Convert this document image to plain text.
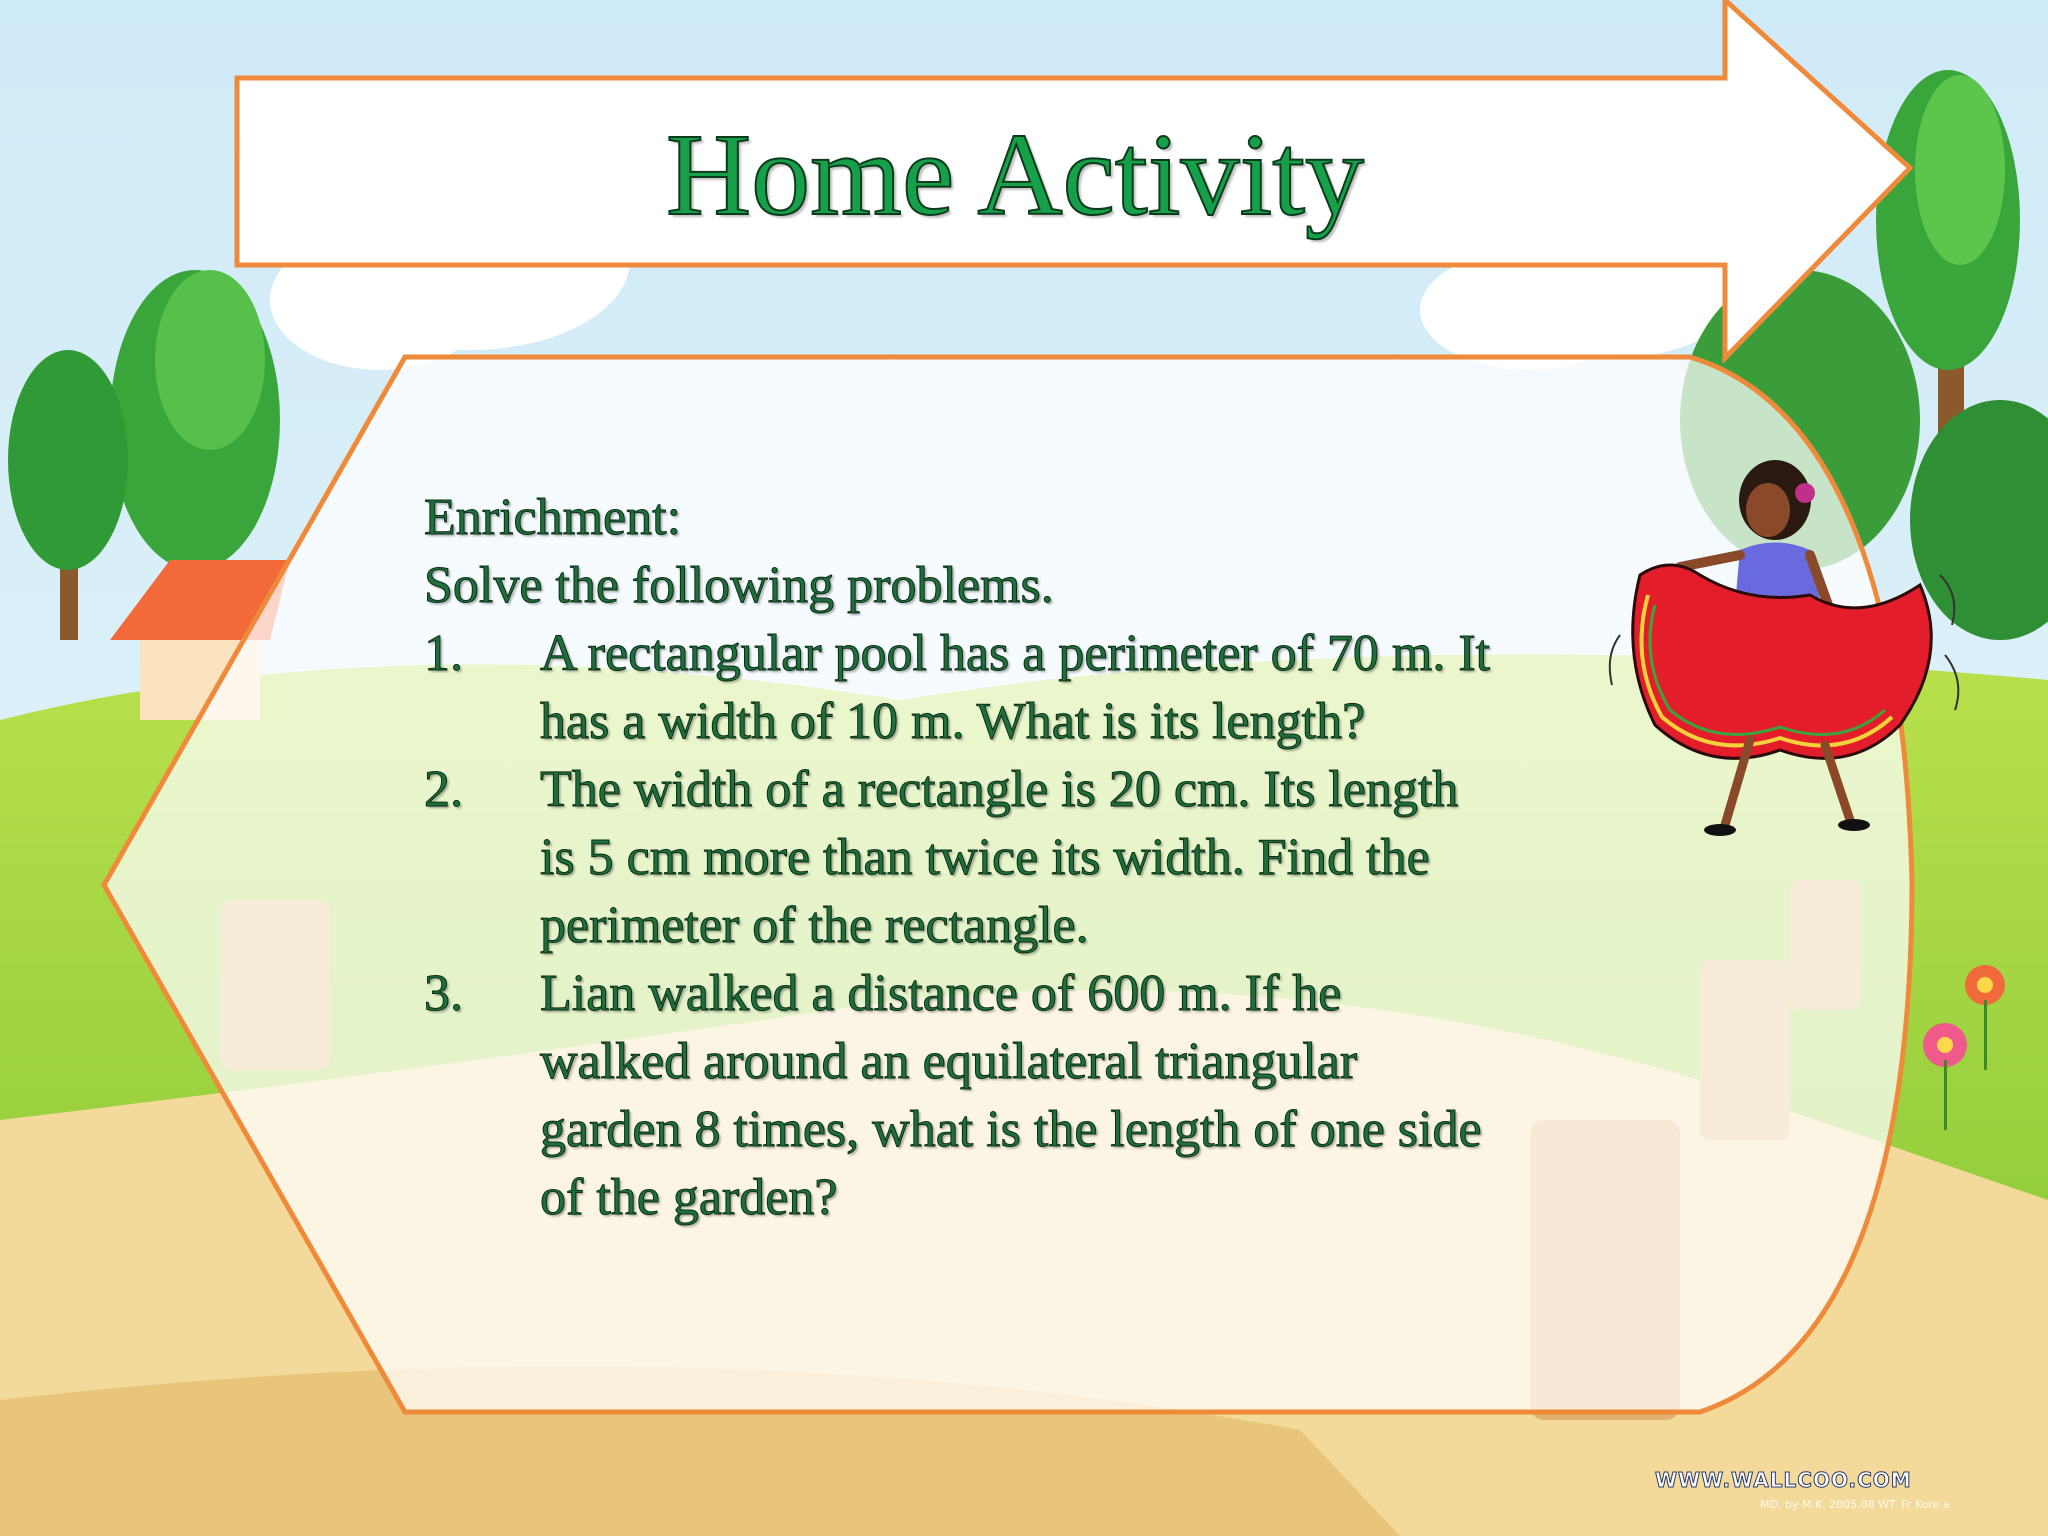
Home Activity
Enrichment:
Solve the following problems.
1.	A rectangular pool has a perimeter of 70 m. It
has a width of 10 m. What is its length?
2.	The width of a rectangle is 20 cm. Its length
is 5 cm more than twice its width. Find the
perimeter of the rectangle.
3.	Lian walked a distance of 600 m. If he
walked around an equilateral triangular
garden 8 times, what is the length of one side
of the garden?
WWW.WALLCOO.COM
MD. by M.K. 2005.08 WT. Fr Kore a
